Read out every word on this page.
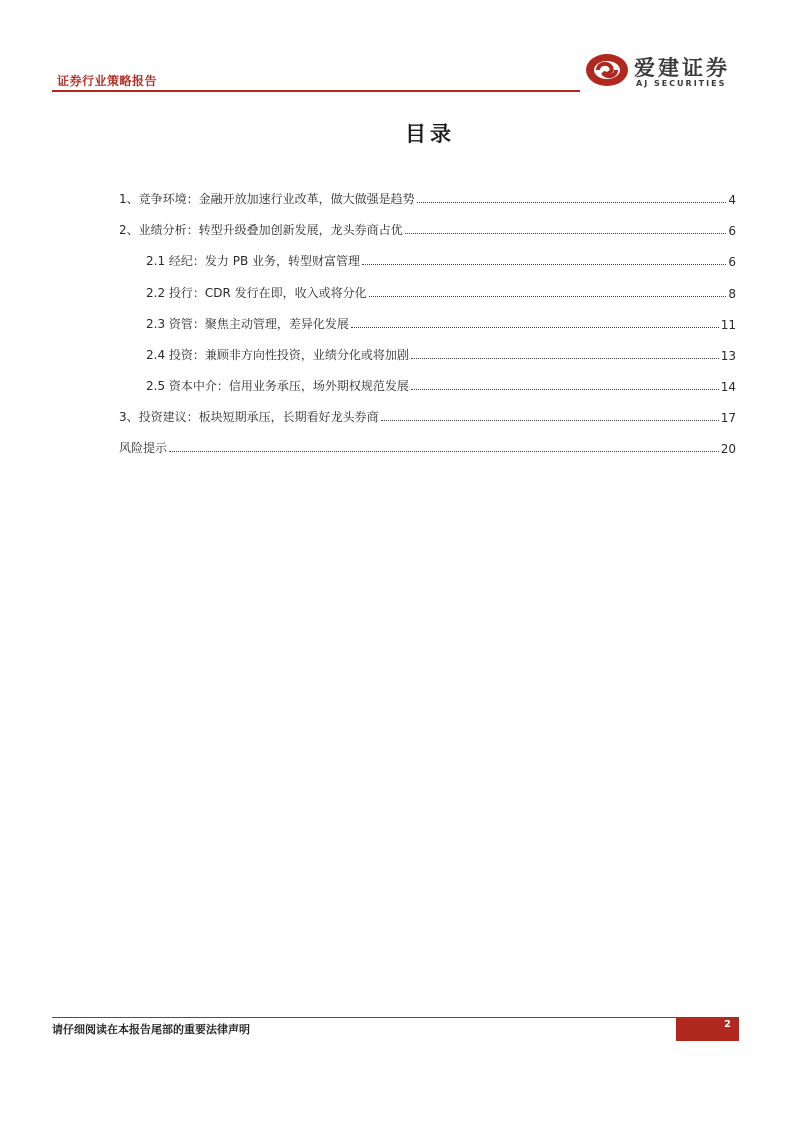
证券行业策略报告
爱建证券
AJ SECURITIES
目录
1、竞争环境：金融开放加速行业改革，做大做强是趋势	4
2、业绩分析：转型升级叠加创新发展，龙头券商占优	6
2.1 经纪：发力 PB 业务，转型财富管理	6
2.2 投行：CDR 发行在即，收入或将分化	8
2.3 资管：聚焦主动管理，差异化发展	11
2.4 投资：兼顾非方向性投资，业绩分化或将加剧	13
2.5 资本中介：信用业务承压，场外期权规范发展	14
3、投资建议：板块短期承压，长期看好龙头券商	17
风险提示	20
请仔细阅读在本报告尾部的重要法律声明	2
